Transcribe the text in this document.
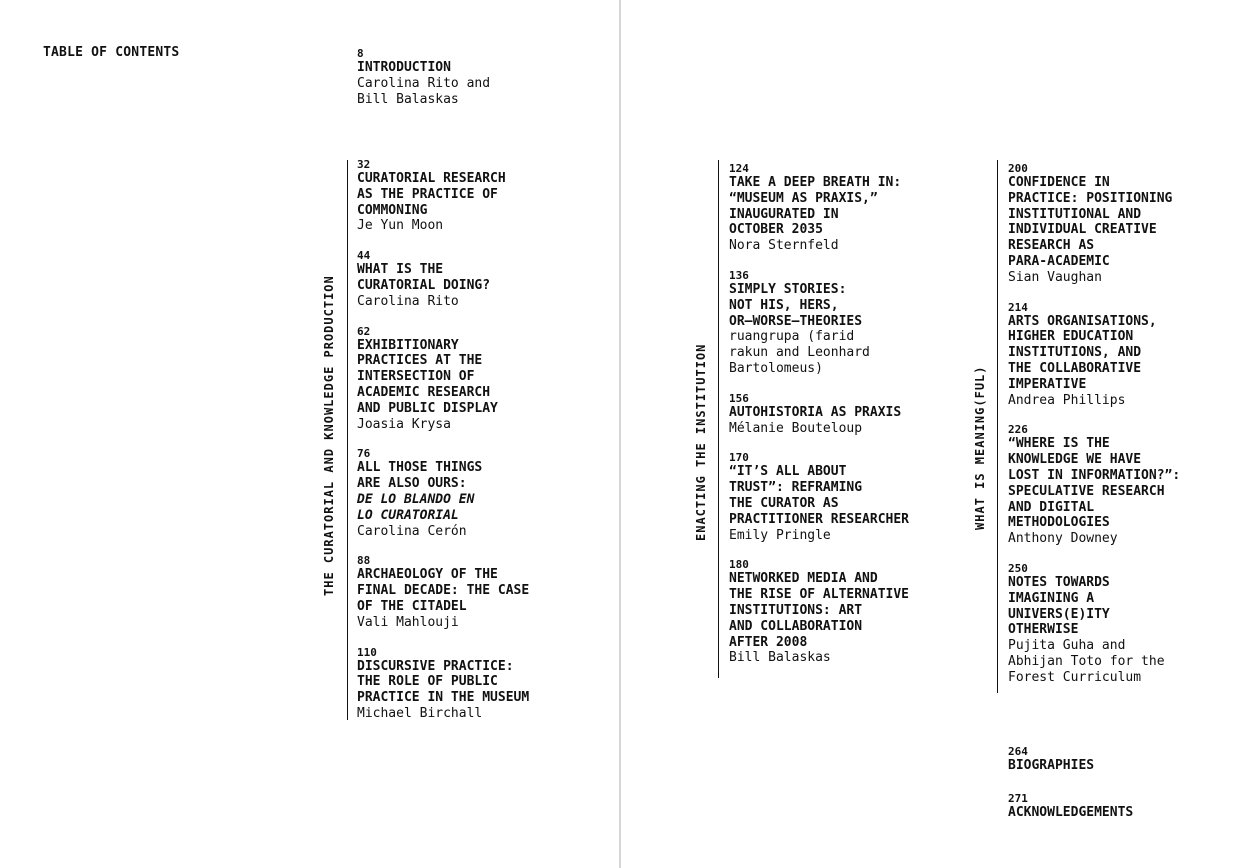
TABLE OF CONTENTS	8
INTRODUCTION
Carolina Rito and
Bill Balaskas
THE CURATORIAL AND KNOWLEDGE PRODUCTION
32
CURATORIAL RESEARCH
AS THE PRACTICE OF
COMMONING
Je Yun Moon
44
WHAT IS THE
CURATORIAL DOING?
Carolina Rito
62
EXHIBITIONARY
PRACTICES AT THE
INTERSECTION OF
ACADEMIC RESEARCH
AND PUBLIC DISPLAY
Joasia Krysa
76
ALL THOSE THINGS
ARE ALSO OURS:
DE LO BLANDO EN
LO CURATORIAL
Carolina Cerón
88
ARCHAEOLOGY OF THE
FINAL DECADE: THE CASE
OF THE CITADEL
Vali Mahlouji
110
DISCURSIVE PRACTICE:
THE ROLE OF PUBLIC
PRACTICE IN THE MUSEUM
Michael Birchall
ENACTING THE INSTITUTION
124
TAKE A DEEP BREATH IN:
“MUSEUM AS PRAXIS,”
INAUGURATED IN
OCTOBER 2035
Nora Sternfeld
136
SIMPLY STORIES:
NOT HIS, HERS,
OR—WORSE—THEORIES
ruangrupa (farid
rakun and Leonhard
Bartolomeus)
156
AUTOHISTORIA AS PRAXIS
Mélanie Bouteloup
170
“IT’S ALL ABOUT
TRUST”: REFRAMING
THE CURATOR AS
PRACTITIONER RESEARCHER
Emily Pringle
180
NETWORKED MEDIA AND
THE RISE OF ALTERNATIVE
INSTITUTIONS: ART
AND COLLABORATION
AFTER 2008
Bill Balaskas
WHAT IS MEANING(FUL)
200
CONFIDENCE IN
PRACTICE: POSITIONING
INSTITUTIONAL AND
INDIVIDUAL CREATIVE
RESEARCH AS
PARA-ACADEMIC
Sian Vaughan
214
ARTS ORGANISATIONS,
HIGHER EDUCATION
INSTITUTIONS, AND
THE COLLABORATIVE
IMPERATIVE
Andrea Phillips
226
“WHERE IS THE
KNOWLEDGE WE HAVE
LOST IN INFORMATION?”:
SPECULATIVE RESEARCH
AND DIGITAL
METHODOLOGIES
Anthony Downey
250
NOTES TOWARDS
IMAGINING A
UNIVERS(E)ITY
OTHERWISE
Pujita Guha and
Abhijan Toto for the
Forest Curriculum
264
BIOGRAPHIES
271
ACKNOWLEDGEMENTS
